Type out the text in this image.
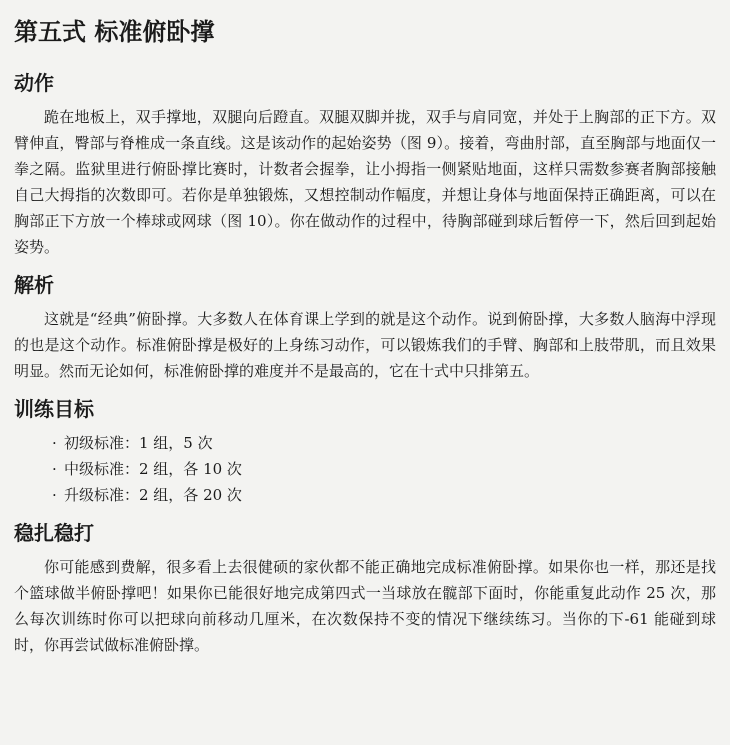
第五式 标准俯卧撑
动作

跪在地板上，双手撑地，双腿向后蹬直。双腿双脚并拢，双手与肩同宽，并处于上胸部的正下方。双臂伸直，臀部与脊椎成一条直线。这是该动作的起始姿势（图 9）。接着，弯曲肘部，直至胸部与地面仅一拳之隔。监狱里进行俯卧撑比赛时，计数者会握拳，让小拇指一侧紧贴地面，这样只需数参赛者胸部接触自己大拇指的次数即可。若你是单独锻炼，又想控制动作幅度，并想让身体与地面保持正确距离，可以在胸部正下方放一个棒球或网球（图 10）。你在做动作的过程中，待胸部碰到球后暂停一下，然后回到起始姿势。

解析

这就是“经典”俯卧撑。大多数人在体育课上学到的就是这个动作。说到俯卧撑，大多数人脑海中浮现的也是这个动作。标准俯卧撑是极好的上身练习动作，可以锻炼我们的手臂、胸部和上肢带肌，而且效果明显。然而无论如何，标准俯卧撑的难度并不是最高的，它在十式中只排第五。

训练目标
· 初级标准：1 组，5 次
· 中级标准：2 组，各 10 次
· 升级标准：2 组，各 20 次
稳扎稳打

你可能感到费解，很多看上去很健硕的家伙都不能正确地完成标准俯卧撑。如果你也一样，那还是找个篮球做半俯卧撑吧！如果你已能很好地完成第四式一当球放在髋部下面时，你能重复此动作 25 次，那么每次训练时你可以把球向前移动几厘米，在次数保持不变的情况下继续练习。当你的下-61 能碰到球时，你再尝试做标准俯卧撑。
